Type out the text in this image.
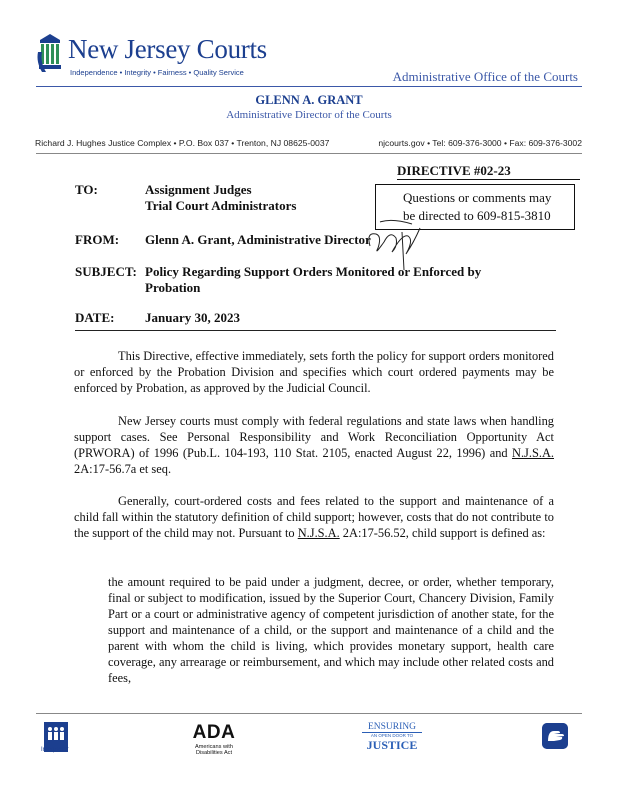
New Jersey Courts
Independence • Integrity • Fairness • Quality Service	Administrative Office of the Courts
GLENN A. GRANT
Administrative Director of the Courts
Richard J. Hughes Justice Complex • P.O. Box 037 • Trenton, NJ 08625-0037	njcourts.gov • Tel: 609-376-3000 • Fax: 609-376-3002
DIRECTIVE #02-23
Questions or comments may
be directed to 609-815-3810
TO:	Assignment Judges
Trial Court Administrators
FROM: Glenn A. Grant, Administrative Director
SUBJECT: Policy Regarding Support Orders Monitored or Enforced by
Probation
DATE: January 30, 2023
This Directive, effective immediately, sets forth the policy for support orders monitored or enforced by the Probation Division and specifies which court ordered payments may be enforced by Probation, as approved by the Judicial Council.
New Jersey courts must comply with federal regulations and state laws when handling support cases. See Personal Responsibility and Work Reconciliation Opportunity Act (PRWORA) of 1996 (Pub.L. 104-193, 110 Stat. 2105, enacted August 22, 1996) and N.J.S.A. 2A:17-56.7a et seq.
Generally, court-ordered costs and fees related to the support and maintenance of a child fall within the statutory definition of child support; however, costs that do not contribute to the support of the child may not. Pursuant to N.J.S.A. 2A:17-56.52, child support is defined as:
the amount required to be paid under a judgment, decree, or order, whether temporary, final or subject to modification, issued by the Superior Court, Chancery Division, Family Part or a court or administrative agency of competent jurisdiction of another state, for the support and maintenance of a child, or the support and maintenance of a child and the parent with whom the child is living, which provides monetary support, health care coverage, any arrearage or reimbursement, and which may include other related costs and fees,
Interpreter
ADA
Americans with
Disabilities Act
ENSURING
AN OPEN DOOR TO
JUSTICE
